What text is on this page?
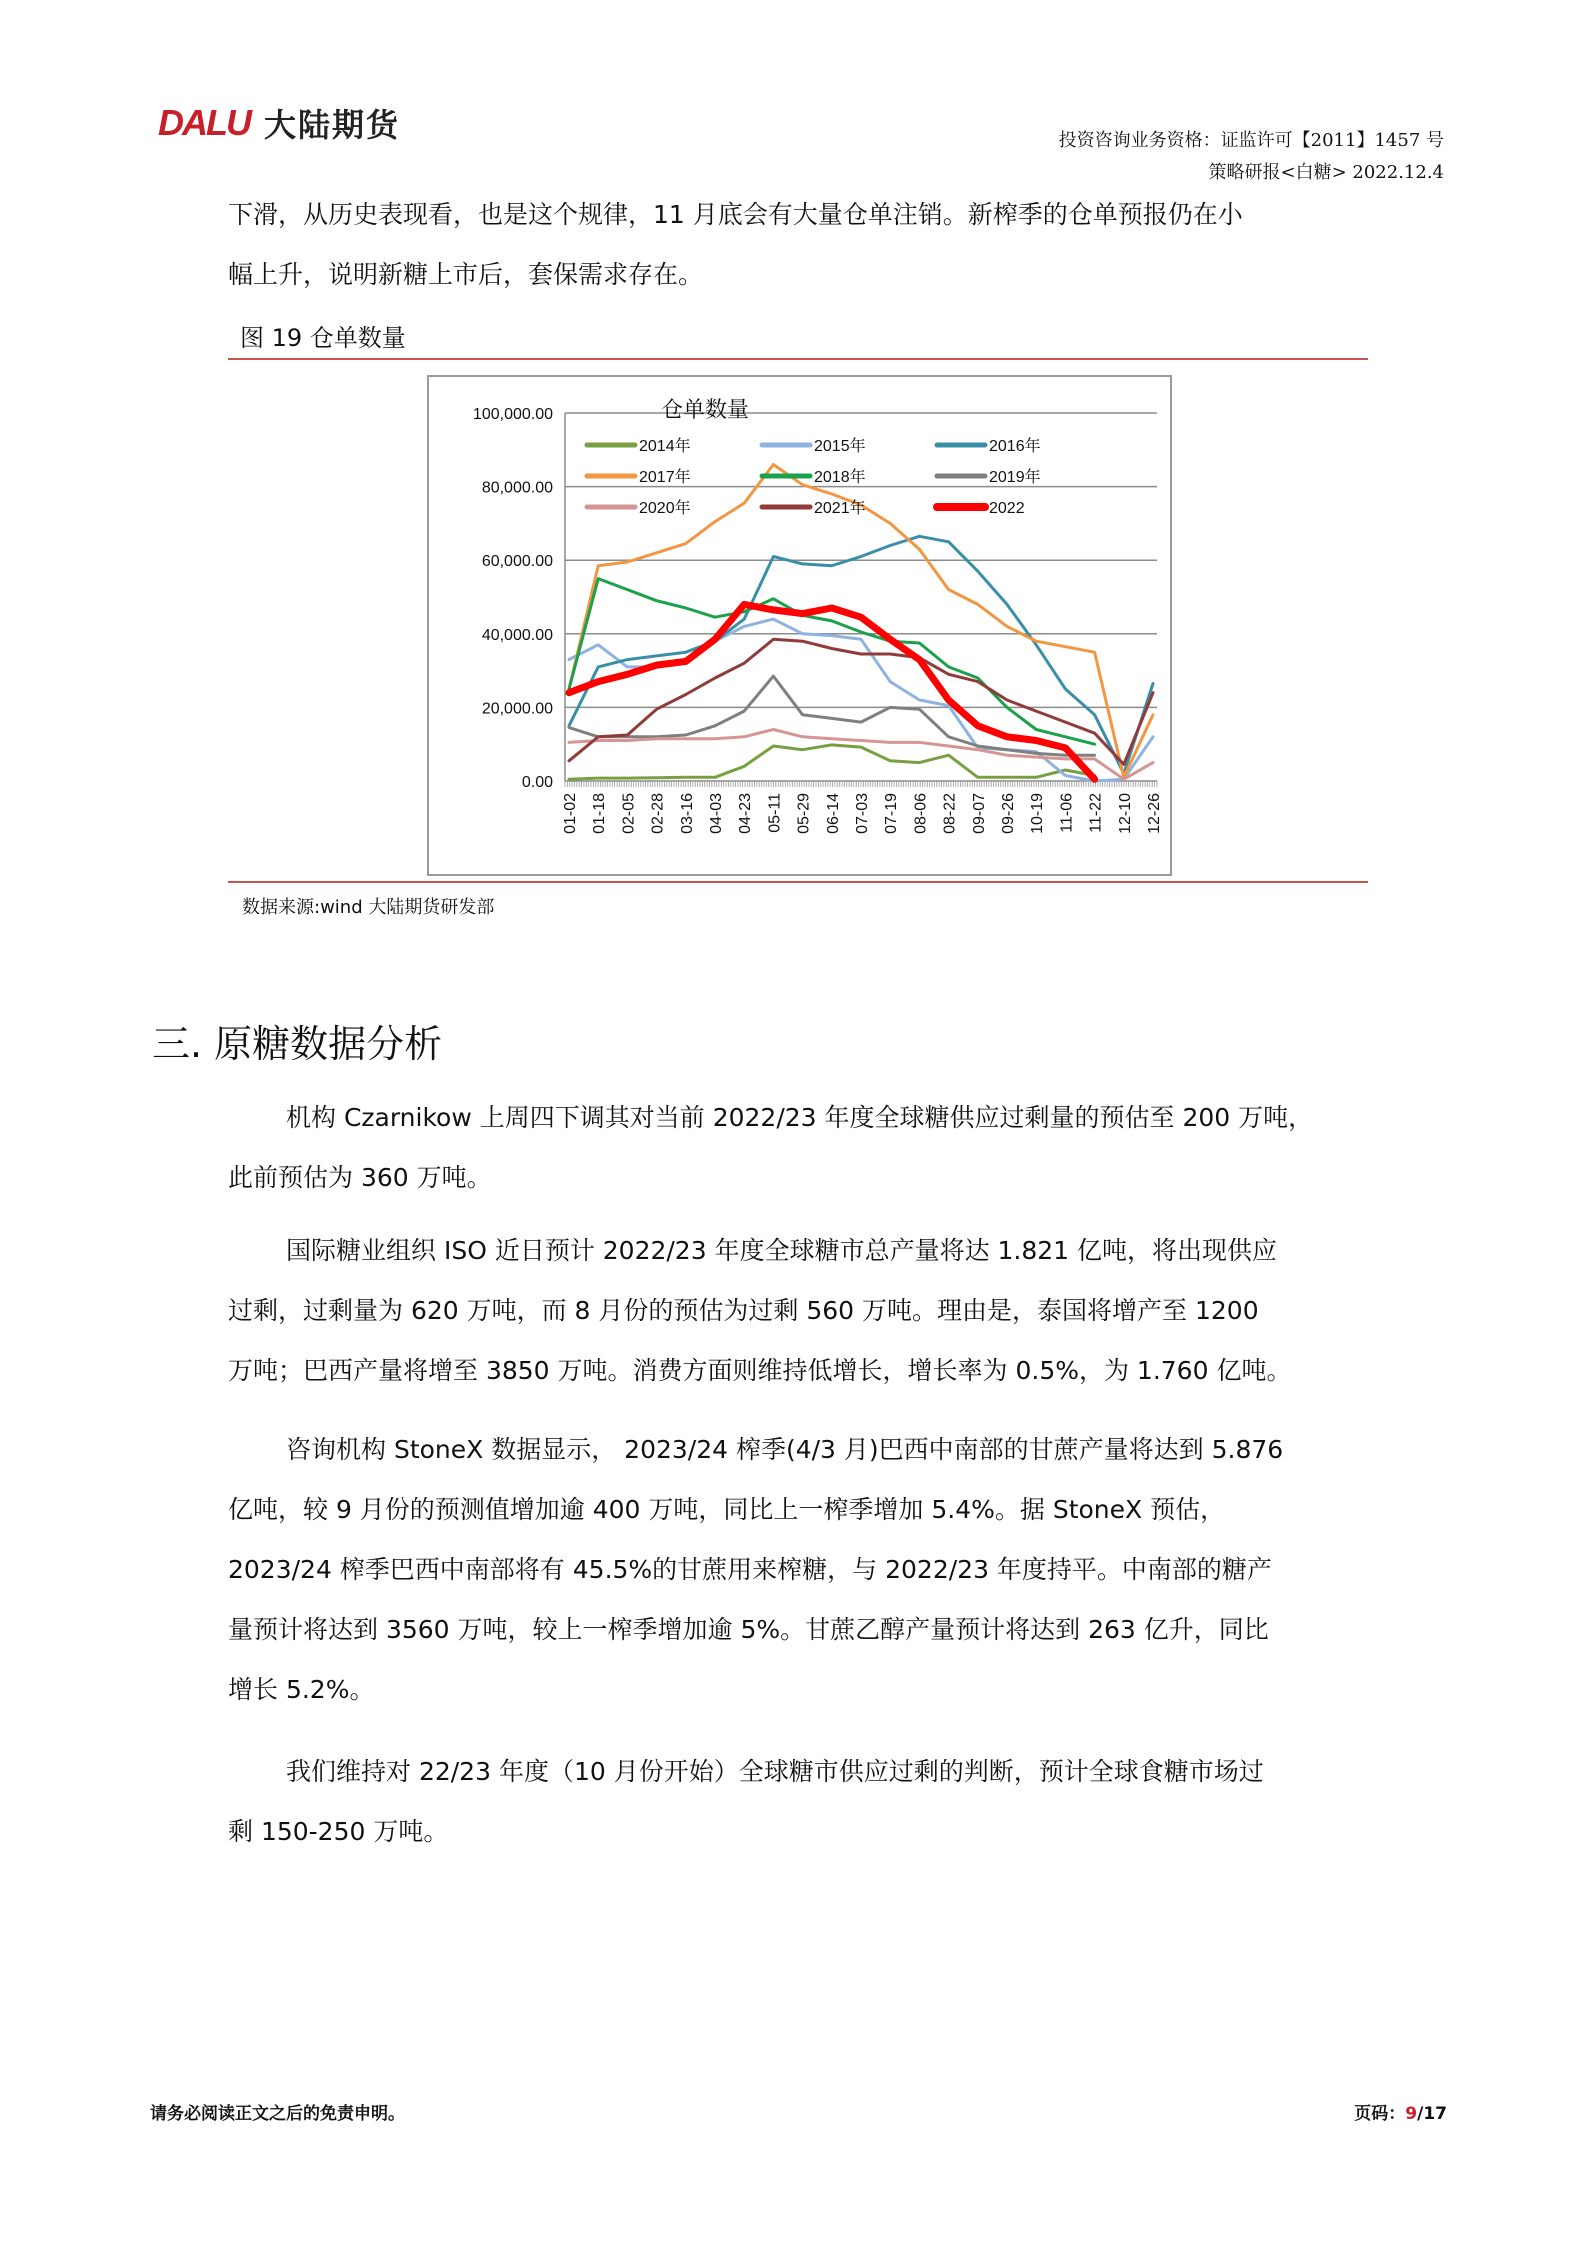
DALU 大陆期货	投资咨询业务资格：证监许可【2011】1457 号
策略研报<白糖> 2022.12.4

下滑，从历史表现看，也是这个规律，11 月底会有大量仓单注销。新榨季的仓单预报仍在小

幅上升，说明新糖上市后，套保需求存在。

图 19 仓单数量
0.00
20,000.00
40,000.00
60,000.00
80,000.00
100,000.00
01-02 01-18 02-05 02-28 03-16 04-03 04-23 05-11 05-29 06-14 07-03 07-19 08-06 08-22 09-07 09-26 10-19 11-06 11-22 12-10 12-26
仓单数量
2014年	2015年	2016年
2017年	2018年	2019年
2020年	2021年	2022
数据来源:wind 大陆期货研发部
三. 原糖数据分析

机构 Czarnikow 上周四下调其对当前 2022/23 年度全球糖供应过剩量的预估至 200 万吨，

此前预估为 360 万吨。

国际糖业组织 ISO 近日预计 2022/23 年度全球糖市总产量将达 1.821 亿吨，将出现供应

过剩，过剩量为 620 万吨，而 8 月份的预估为过剩 560 万吨。理由是，泰国将增产至 1200

万吨；巴西产量将增至 3850 万吨。消费方面则维持低增长，增长率为 0.5%，为 1.760 亿吨。

咨询机构 StoneX 数据显示， 2023/24 榨季(4/3 月)巴西中南部的甘蔗产量将达到 5.876

亿吨，较 9 月份的预测值增加逾 400 万吨，同比上一榨季增加 5.4%。据 StoneX 预估，

2023/24 榨季巴西中南部将有 45.5%的甘蔗用来榨糖，与 2022/23 年度持平。中南部的糖产

量预计将达到 3560 万吨，较上一榨季增加逾 5%。甘蔗乙醇产量预计将达到 263 亿升，同比

增长 5.2%。

我们维持对 22/23 年度（10 月份开始）全球糖市供应过剩的判断，预计全球食糖市场过

剩 150-250 万吨。

请务必阅读正文之后的免责申明。	页码：9/17
